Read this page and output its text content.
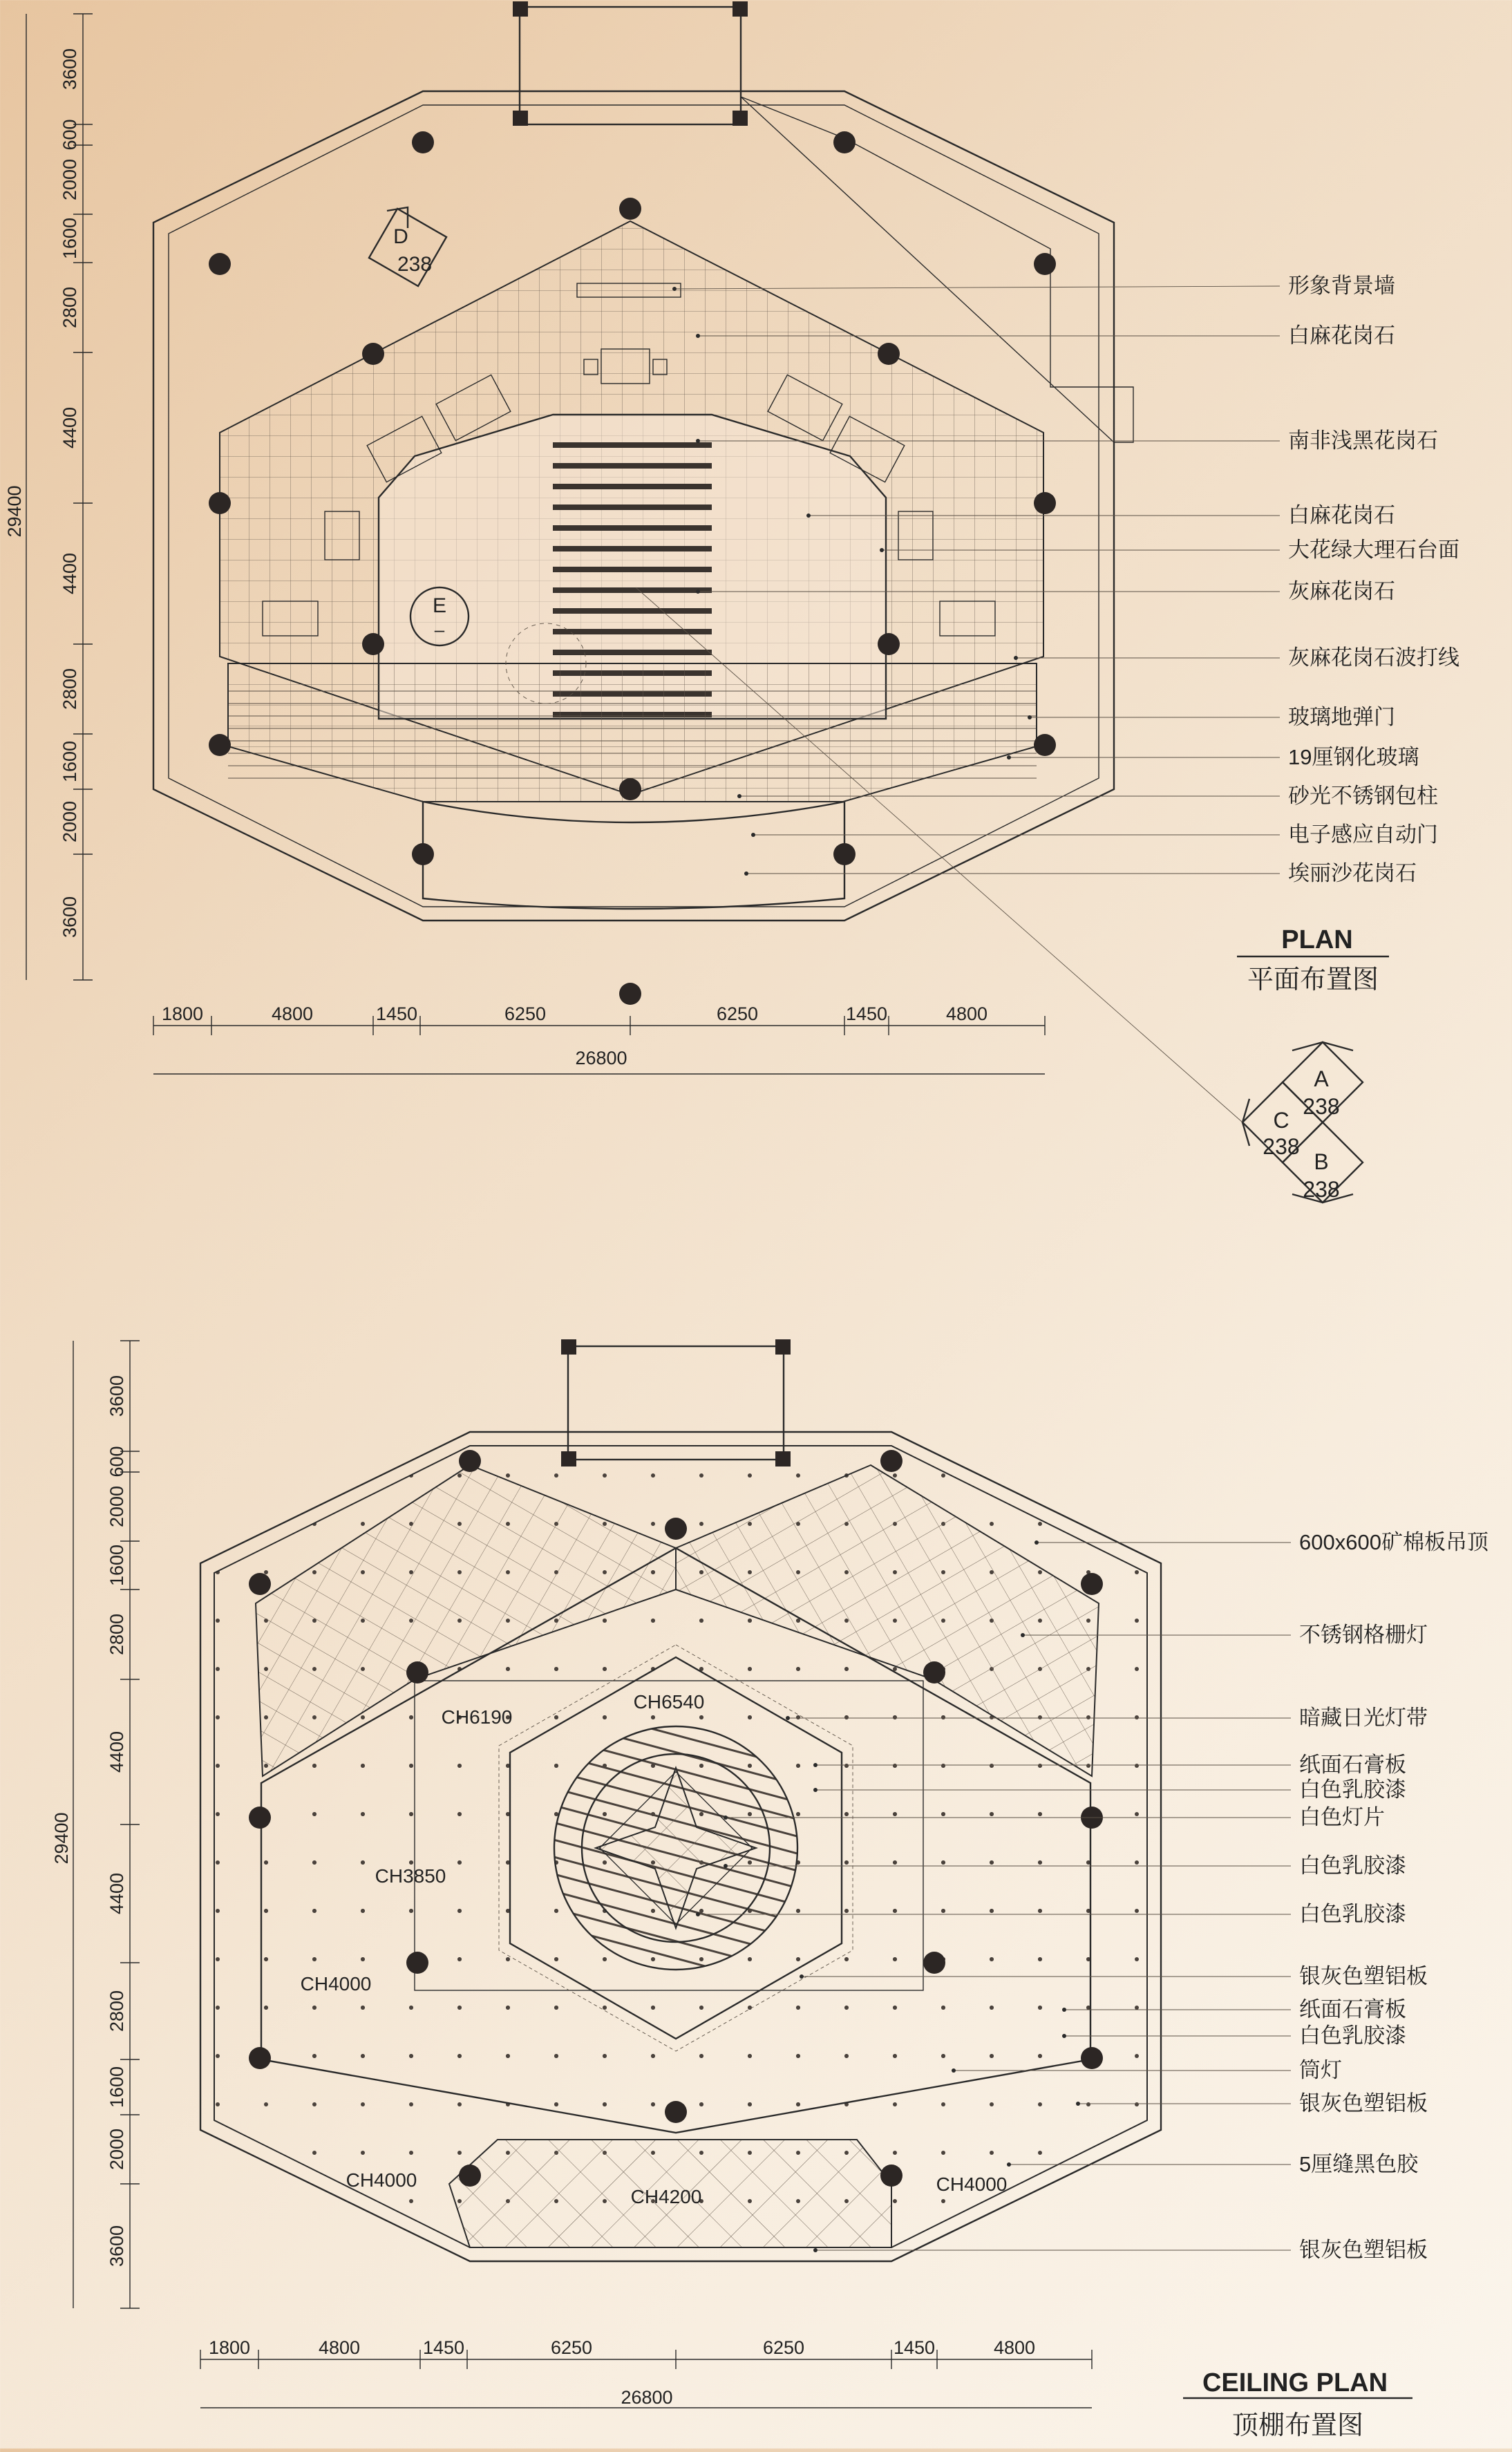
D
238
E
–
3600
600
2000
1600
2800
4400
4400
2800
1600
2000
3600
29400
1800	4800	1450	6250	6250	1450	4800
26800
形象背景墙
白麻花岗石
南非浅黑花岗石
白麻花岗石
大花绿大理石台面
灰麻花岗石
灰麻花岗石波打线
玻璃地弹门
19厘钢化玻璃
砂光不锈钢包柱
电子感应自动门
埃丽沙花岗石
PLAN
平面布置图
A
238
C
238
B
238
CH6190
CH6540
CH3850
CH4000
CH4000
CH4200
CH4000
3600
600
2000
1600
2800
4400
4400
2800
1600
2000
3600
29400
1800	4800	1450	6250	6250	1450	4800
26800
600x600矿棉板吊顶
不锈钢格栅灯
暗藏日光灯带
纸面石膏板
白色乳胶漆
白色灯片
白色乳胶漆
白色乳胶漆
银灰色塑铝板
纸面石膏板
白色乳胶漆
筒灯
银灰色塑铝板
5厘缝黑色胶
银灰色塑铝板
CEILING PLAN
顶棚布置图
